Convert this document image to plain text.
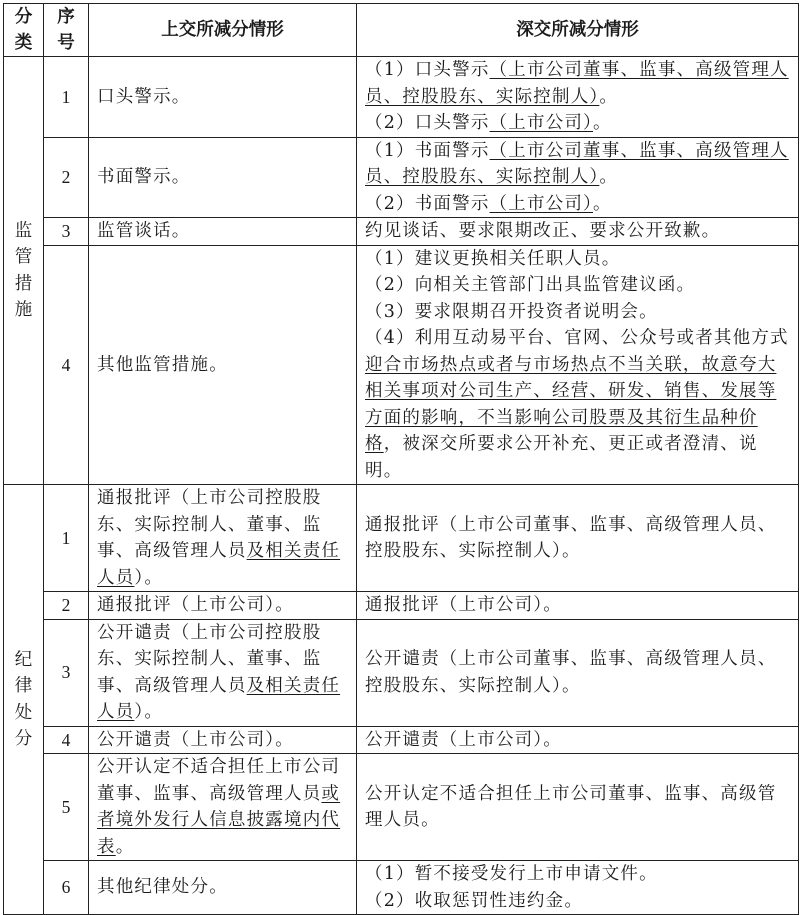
分类	序号	上交所减分情形	深交所减分情形
监管措施	1	口头警示。	（1）口头警示（上市公司董事、监事、高级管理人员、控股股东、实际控制人）。
（2）口头警示（上市公司）。

	2	书面警示。	（1）书面警示（上市公司董事、监事、高级管理人员、控股股东、实际控制人）。
（2）书面警示（上市公司）。

	3	监管谈话。	约见谈话、要求限期改正、要求公开致歉。

	4	其他监管措施。	（1）建议更换相关任职人员。
（2）向相关主管部门出具监管建议函。
（3）要求限期召开投资者说明会。
（4）利用互动易平台、官网、公众号或者其他方式迎合市场热点或者与市场热点不当关联，故意夸大相关事项对公司生产、经营、研发、销售、发展等方面的影响，不当影响公司股票及其衍生品种价格，被深交所要求公开补充、更正或者澄清、说明。

纪律处分	1	通报批评（上市公司控股股东、实际控制人、董事、监事、高级管理人员及相关责任人员）。	通报批评（上市公司董事、监事、高级管理人员、控股股东、实际控制人）。

	2	通报批评（上市公司）。	通报批评（上市公司）。

	3	公开谴责（上市公司控股股东、实际控制人、董事、监事、高级管理人员及相关责任人员）。	公开谴责（上市公司董事、监事、高级管理人员、控股股东、实际控制人）。

	4	公开谴责（上市公司）。	公开谴责（上市公司）。

	5	公开认定不适合担任上市公司董事、监事、高级管理人员或者境外发行人信息披露境内代表。	公开认定不适合担任上市公司董事、监事、高级管理人员。

	6	其他纪律处分。	（1）暂不接受发行上市申请文件。
（2）收取惩罚性违约金。
